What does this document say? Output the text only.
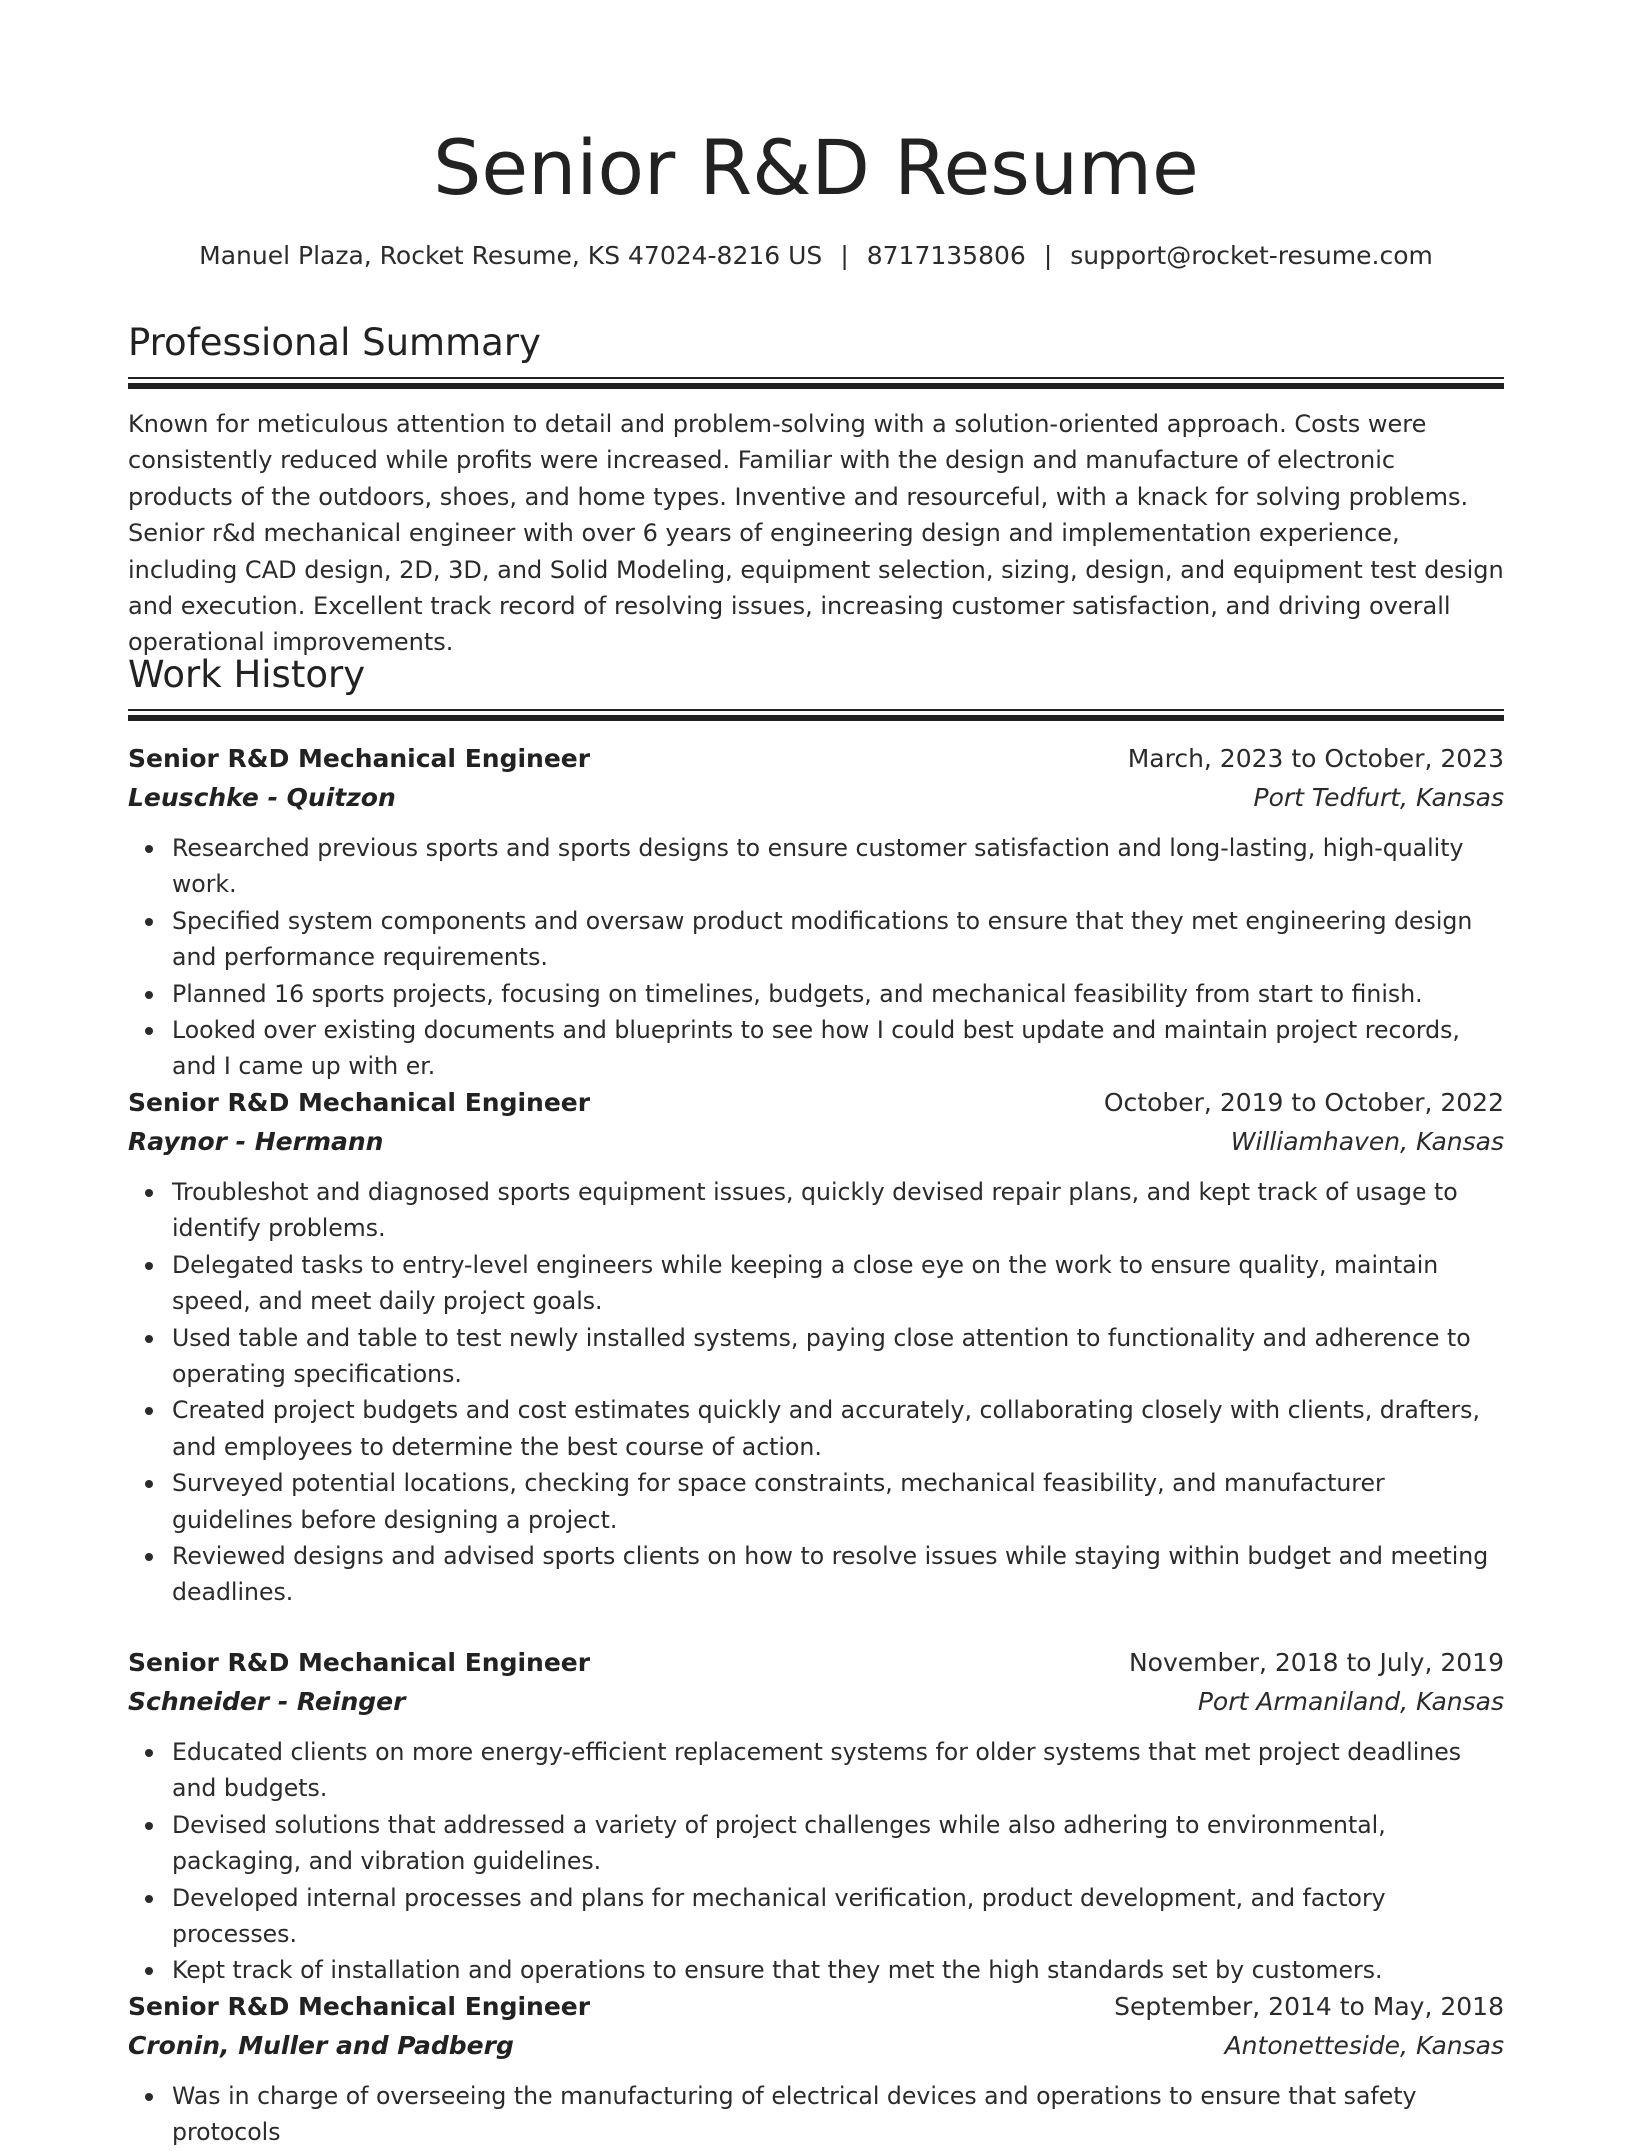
Senior R&D Resume
Manuel Plaza, Rocket Resume, KS 47024-8216 US | 8717135806 | support@rocket-resume.com
Professional Summary

Known for meticulous attention to detail and problem-solving with a solution-oriented approach. Costs were consistently reduced while profits were increased. Familiar with the design and manufacture of electronic products of the outdoors, shoes, and home types. Inventive and resourceful, with a knack for solving problems. Senior r&d mechanical engineer with over 6 years of engineering design and implementation experience, including CAD design, 2D, 3D, and Solid Modeling, equipment selection, sizing, design, and equipment test design and execution. Excellent track record of resolving issues, increasing customer satisfaction, and driving overall operational improvements.

Work History
Senior R&D Mechanical Engineer	March, 2023 to October, 2023
Leuschke - Quitzon	Port Tedfurt, Kansas
Researched previous sports and sports designs to ensure customer satisfaction and long-lasting, high-quality work.
Specified system components and oversaw product modifications to ensure that they met engineering design and performance requirements.
Planned 16 sports projects, focusing on timelines, budgets, and mechanical feasibility from start to finish.
Looked over existing documents and blueprints to see how I could best update and maintain project records, and I came up with er.
Senior R&D Mechanical Engineer	October, 2019 to October, 2022
Raynor - Hermann	Williamhaven, Kansas
Troubleshot and diagnosed sports equipment issues, quickly devised repair plans, and kept track of usage to identify problems.
Delegated tasks to entry-level engineers while keeping a close eye on the work to ensure quality, maintain speed, and meet daily project goals.
Used table and table to test newly installed systems, paying close attention to functionality and adherence to operating specifications.
Created project budgets and cost estimates quickly and accurately, collaborating closely with clients, drafters, and employees to determine the best course of action.
Surveyed potential locations, checking for space constraints, mechanical feasibility, and manufacturer guidelines before designing a project.
Reviewed designs and advised sports clients on how to resolve issues while staying within budget and meeting deadlines.
Senior R&D Mechanical Engineer	November, 2018 to July, 2019
Schneider - Reinger	Port Armaniland, Kansas
Educated clients on more energy-efficient replacement systems for older systems that met project deadlines and budgets.
Devised solutions that addressed a variety of project challenges while also adhering to environmental, packaging, and vibration guidelines.
Developed internal processes and plans for mechanical verification, product development, and factory processes.
Kept track of installation and operations to ensure that they met the high standards set by customers.
Senior R&D Mechanical Engineer	September, 2014 to May, 2018
Cronin, Muller and Padberg	Antonetteside, Kansas
Was in charge of overseeing the manufacturing of electrical devices and operations to ensure that safety protocols
